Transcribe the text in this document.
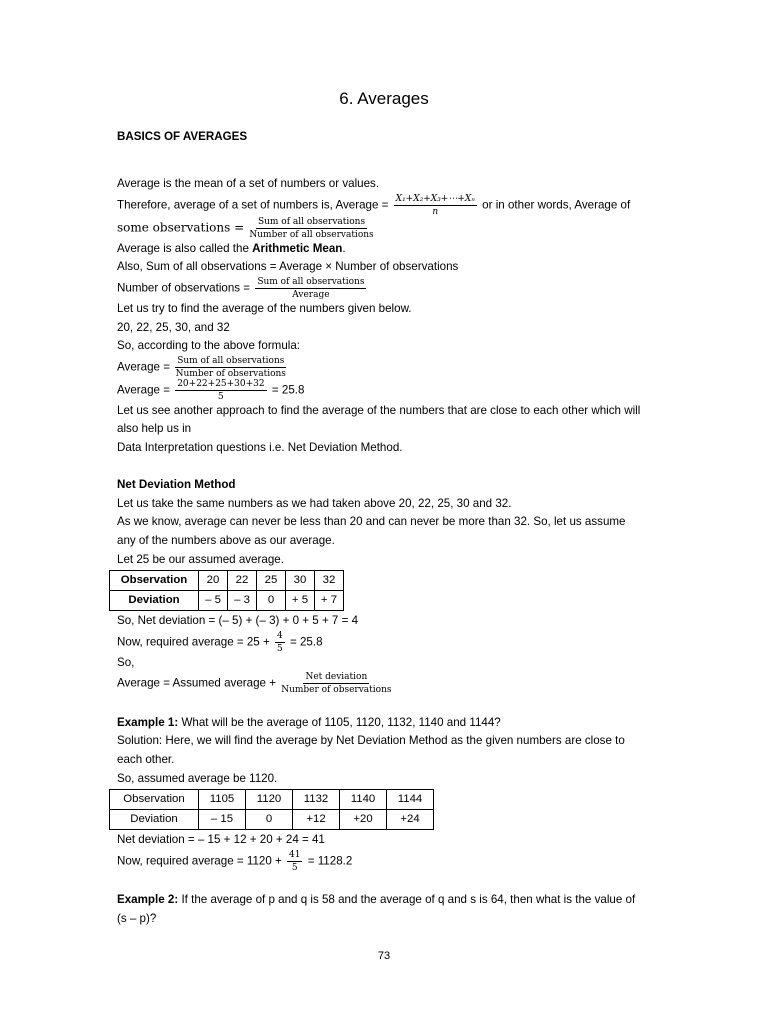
6. Averages

BASICS OF AVERAGES

Average is the mean of a set of numbers or values.

Therefore, average of a set of numbers is, Average = $\frac{\text{X₁+X₂+X₃+⋯+Xₙ}}{n}$ or in other words, Average of

some observations = $\frac{\text{Sum of all observations}}{\text{Number of all observations}}$

Average is also called the Arithmetic Mean.

Also, Sum of all observations = Average × Number of observations

Number of observations = $\frac{\text{Sum of all observations}}{\text{Average}}$

Let us try to find the average of the numbers given below.

20, 22, 25, 30, and 32

So, according to the above formula:

Average = $\frac{\text{Sum of all observations}}{\text{Number of observations}}$

Average = $\frac{20+22+25+30+32}{5} = 25.8$

Let us see another approach to find the average of the numbers that are close to each other which will also help us in

Data Interpretation questions i.e. Net Deviation Method.

Net Deviation Method

Let us take the same numbers as we had taken above 20, 22, 25, 30 and 32.

As we know, average can never be less than 20 and can never be more than 32. So, let us assume any of the numbers above as our average.

Let 25 be our assumed average.

Observation	20	22	25	30	32
Deviation	– 5	– 3	0	+ 5	+ 7

So, Net deviation = (– 5) + (– 3) + 0 + 5 + 7 = 4

Now, required average = $25 + \frac{4}{5} = 25.8$

So,

Average = Assumed average + $\frac{\text{Net deviation}}{\text{Number of observations}}$

Example 1: What will be the average of 1105, 1120, 1132, 1140 and 1144?

Solution: Here, we will find the average by Net Deviation Method as the given numbers are close to each other.

So, assumed average be 1120.

Observation	1105	1120	1132	1140	1144
Deviation	– 15	0	+12	+20	+24

Net deviation = – 15 + 12 + 20 + 24 = 41

Now, required average = $1120 + \frac{41}{5} = 1128.2$

Example 2: If the average of p and q is 58 and the average of q and s is 64, then what is the value of (s – p)?

73
